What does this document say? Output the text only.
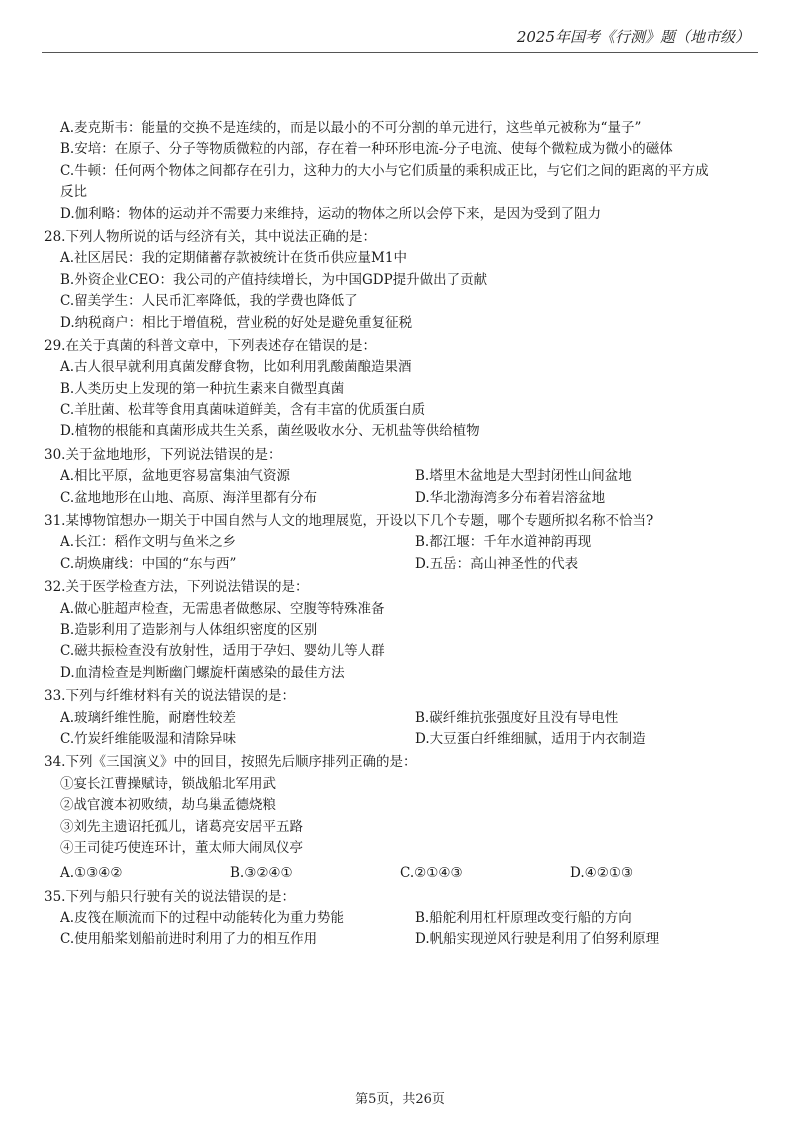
2025年国考《行测》题（地市级）
A.麦克斯韦：能量的交换不是连续的，而是以最小的不可分割的单元进行，这些单元被称为“量子”
B.安培：在原子、分子等物质微粒的内部，存在着一种环形电流-分子电流、使每个微粒成为微小的磁体
C.牛顿：任何两个物体之间都存在引力，这种力的大小与它们质量的乘积成正比，与它们之间的距离的平方成
反比
D.伽利略：物体的运动并不需要力来维持，运动的物体之所以会停下来，是因为受到了阻力
28.下列人物所说的话与经济有关，其中说法正确的是：
A.社区居民：我的定期储蓄存款被统计在货币供应量M1中
B.外资企业CEO：我公司的产值持续增长，为中国GDP提升做出了贡献
C.留美学生：人民币汇率降低，我的学费也降低了
D.纳税商户：相比于增值税，营业税的好处是避免重复征税
29.在关于真菌的科普文章中，下列表述存在错误的是：
A.古人很早就利用真菌发酵食物，比如利用乳酸菌酿造果酒
B.人类历史上发现的第一种抗生素来自微型真菌
C.羊肚菌、松茸等食用真菌味道鲜美，含有丰富的优质蛋白质
D.植物的根能和真菌形成共生关系，菌丝吸收水分、无机盐等供给植物
30.关于盆地地形，下列说法错误的是：
A.相比平原，盆地更容易富集油气资源	B.塔里木盆地是大型封闭性山间盆地
C.盆地地形在山地、高原、海洋里都有分布	D.华北渤海湾多分布着岩溶盆地
31.某博物馆想办一期关于中国自然与人文的地理展览，开设以下几个专题，哪个专题所拟名称不恰当?
A.长江：稻作文明与鱼米之乡	B.都江堰：千年水道神韵再现
C.胡焕庸线：中国的“东与西”	D.五岳：高山神圣性的代表
32.关于医学检查方法，下列说法错误的是：
A.做心脏超声检查，无需患者做憋尿、空腹等特殊准备
B.造影利用了造影剂与人体组织密度的区别
C.磁共振检查没有放射性，适用于孕妇、婴幼儿等人群
D.血清检查是判断幽门螺旋杆菌感染的最佳方法
33.下列与纤维材料有关的说法错误的是：
A.玻璃纤维性脆，耐磨性较差	B.碳纤维抗张强度好且没有导电性
C.竹炭纤维能吸湿和清除异味	D.大豆蛋白纤维细腻，适用于内衣制造
34.下列《三国演义》中的回目，按照先后顺序排列正确的是：
①宴长江曹操赋诗，锁战船北军用武
②战官渡本初败绩，劫乌巢孟德烧粮
③刘先主遗诏托孤儿，诸葛亮安居平五路
④王司徒巧使连环计，董太师大闹凤仪亭
A.①③④②	B.③②④①	C.②①④③	D.④②①③
35.下列与船只行驶有关的说法错误的是：
A.皮筏在顺流而下的过程中动能转化为重力势能	B.船舵利用杠杆原理改变行船的方向
C.使用船桨划船前进时利用了力的相互作用	D.帆船实现逆风行驶是利用了伯努利原理
第5页，共26页
